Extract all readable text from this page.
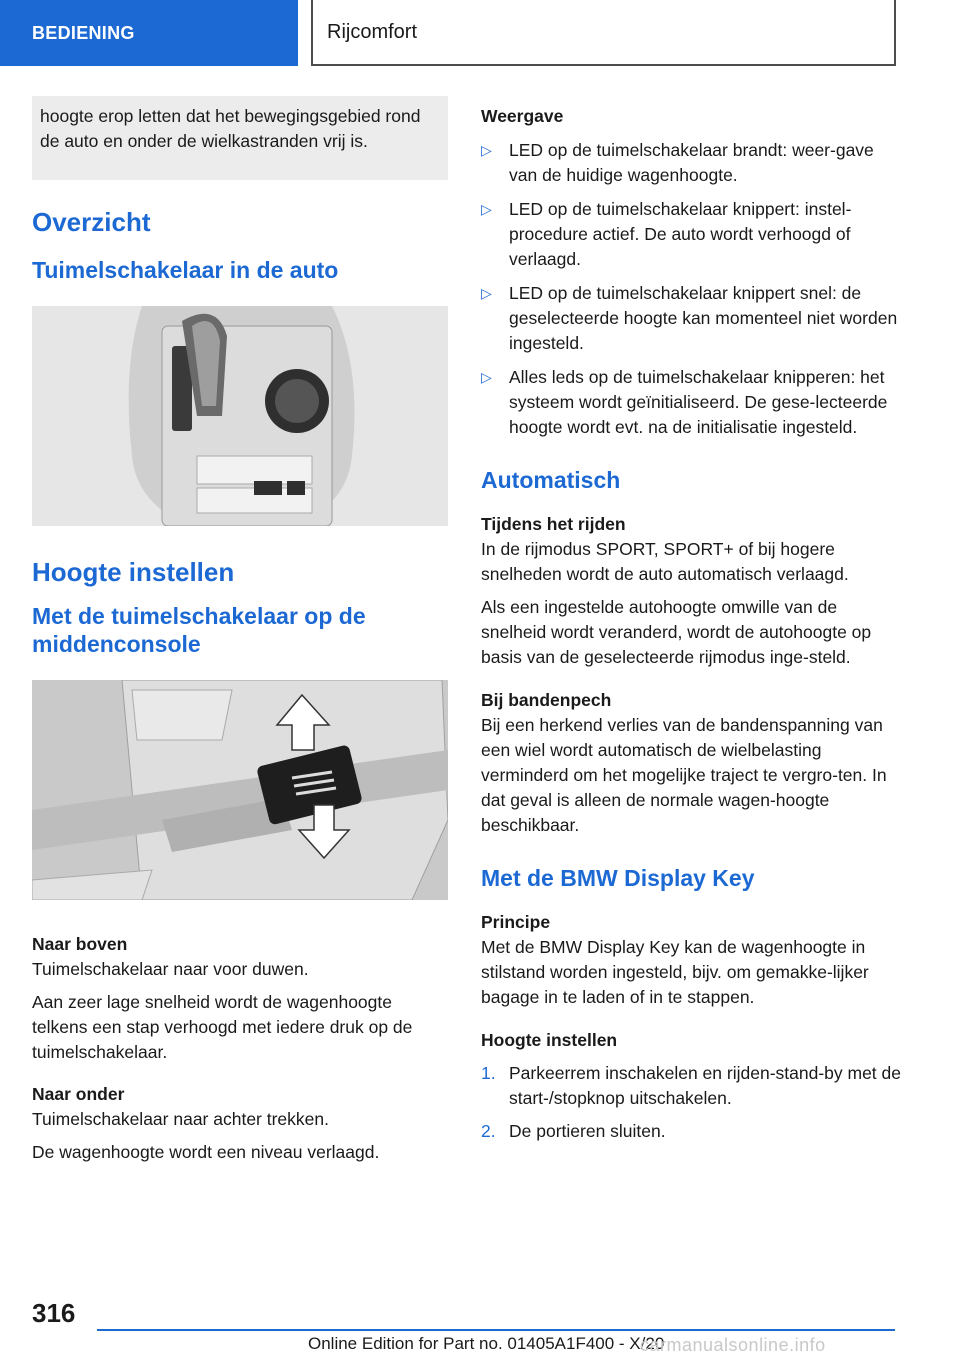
BEDIENING	Rijcomfort
hoogte erop letten dat het bewegingsgebied rond de auto en onder de wielkastranden vrij is.
Overzicht
Tuimelschakelaar in de auto
Hoogte instellen
Met de tuimelschakelaar op de middenconsole
Naar boven

Tuimelschakelaar naar voor duwen.

Aan zeer lage snelheid wordt de wagenhoogte telkens een stap verhoogd met iedere druk op de tuimelschakelaar.

Naar onder

Tuimelschakelaar naar achter trekken.

De wagenhoogte wordt een niveau verlaagd.

Weergave
▷ LED op de tuimelschakelaar brandt: weer-gave van de huidige wagenhoogte.
▷ LED op de tuimelschakelaar knippert: instel-procedure actief. De auto wordt verhoogd of verlaagd.
▷ LED op de tuimelschakelaar knippert snel: de geselecteerde hoogte kan momenteel niet worden ingesteld.
▷ Alles leds op de tuimelschakelaar knipperen: het systeem wordt geïnitialiseerd. De gese-lecteerde hoogte wordt evt. na de initialisatie ingesteld.
Automatisch
Tijdens het rijden

In de rijmodus SPORT, SPORT+ of bij hogere snelheden wordt de auto automatisch verlaagd.

Als een ingestelde autohoogte omwille van de snelheid wordt veranderd, wordt de autohoogte op basis van de geselecteerde rijmodus inge-steld.

Bij bandenpech

Bij een herkend verlies van de bandenspanning van een wiel wordt automatisch de wielbelasting verminderd om het mogelijke traject te vergro-ten. In dat geval is alleen de normale wagen-hoogte beschikbaar.

Met de BMW Display Key
Principe

Met de BMW Display Key kan de wagenhoogte in stilstand worden ingesteld, bijv. om gemakke-lijker bagage in te laden of in te stappen.

Hoogte instellen
1. Parkeerrem inschakelen en rijden-stand-by met de start-/stopknop uitschakelen.
2. De portieren sluiten.
316
Online Edition for Part no. 01405A1F400 - X/20
carmanualsonline.info
